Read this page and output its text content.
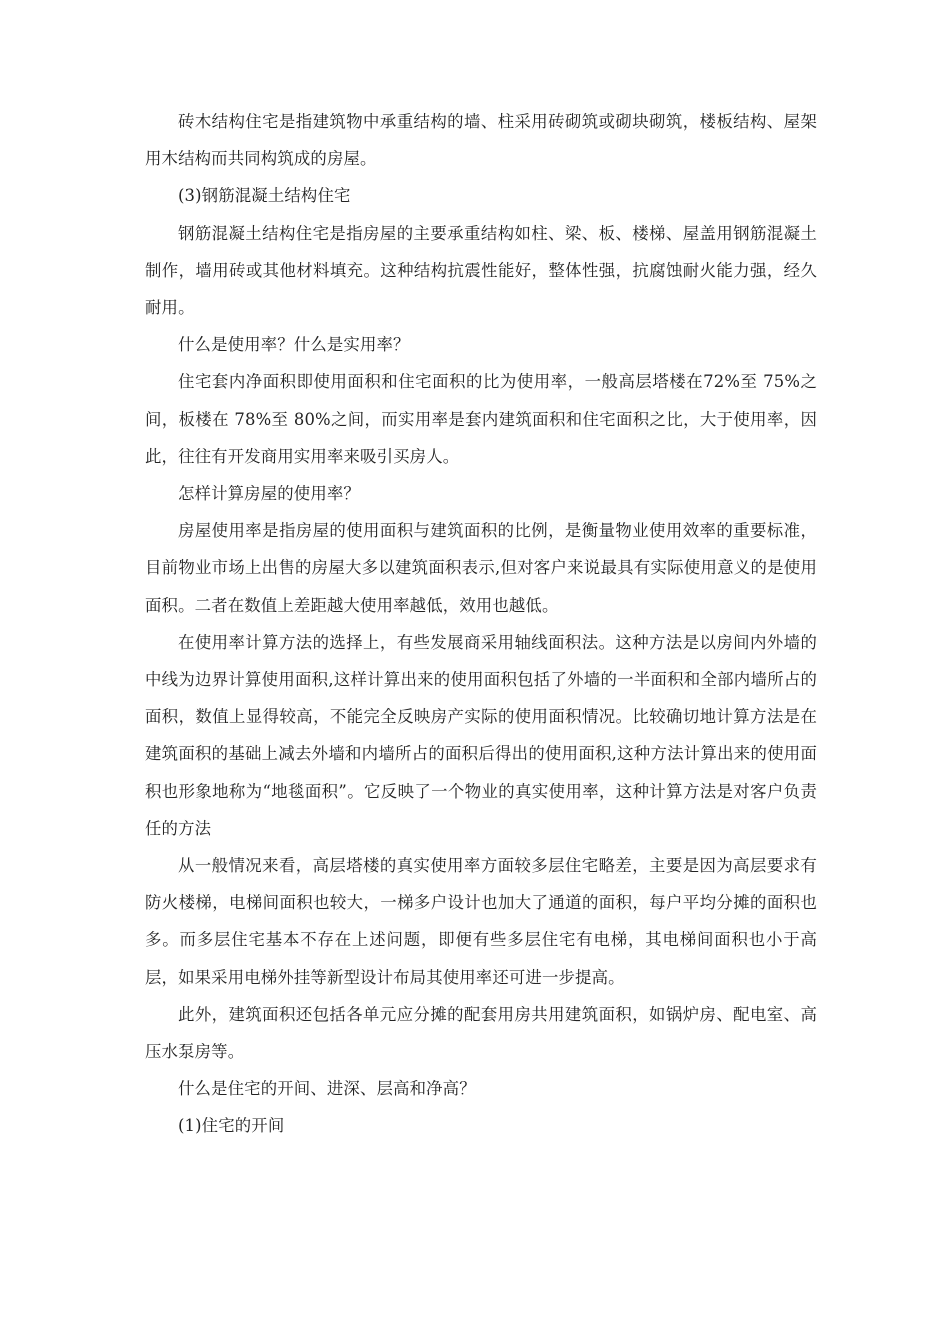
砖木结构住宅是指建筑物中承重结构的墙、柱采用砖砌筑或砌块砌筑，楼板结构、屋架用木结构而共同构筑成的房屋。

(3)钢筋混凝土结构住宅

钢筋混凝土结构住宅是指房屋的主要承重结构如柱、梁、板、楼梯、屋盖用钢筋混凝土制作，墙用砖或其他材料填充。这种结构抗震性能好，整体性强，抗腐蚀耐火能力强，经久耐用。

什么是使用率？什么是实用率？

住宅套内净面积即使用面积和住宅面积的比为使用率，一般高层塔楼在72%至 75%之间，板楼在 78%至 80%之间，而实用率是套内建筑面积和住宅面积之比，大于使用率，因此，往往有开发商用实用率来吸引买房人。

怎样计算房屋的使用率？

房屋使用率是指房屋的使用面积与建筑面积的比例，是衡量物业使用效率的重要标准，目前物业市场上出售的房屋大多以建筑面积表示,但对客户来说最具有实际使用意义的是使用面积。二者在数值上差距越大使用率越低，效用也越低。

在使用率计算方法的选择上，有些发展商采用轴线面积法。这种方法是以房间内外墙的中线为边界计算使用面积,这样计算出来的使用面积包括了外墙的一半面积和全部内墙所占的面积，数值上显得较高，不能完全反映房产实际的使用面积情况。比较确切地计算方法是在建筑面积的基础上减去外墙和内墙所占的面积后得出的使用面积,这种方法计算出来的使用面积也形象地称为“地毯面积”。它反映了一个物业的真实使用率，这种计算方法是对客户负责任的方法

从一般情况来看，高层塔楼的真实使用率方面较多层住宅略差，主要是因为高层要求有防火楼梯，电梯间面积也较大，一梯多户设计也加大了通道的面积，每户平均分摊的面积也多。而多层住宅基本不存在上述问题，即便有些多层住宅有电梯，其电梯间面积也小于高层，如果采用电梯外挂等新型设计布局其使用率还可进一步提高。

此外，建筑面积还包括各单元应分摊的配套用房共用建筑面积，如锅炉房、配电室、高压水泵房等。

什么是住宅的开间、进深、层高和净高？

(1)住宅的开间
